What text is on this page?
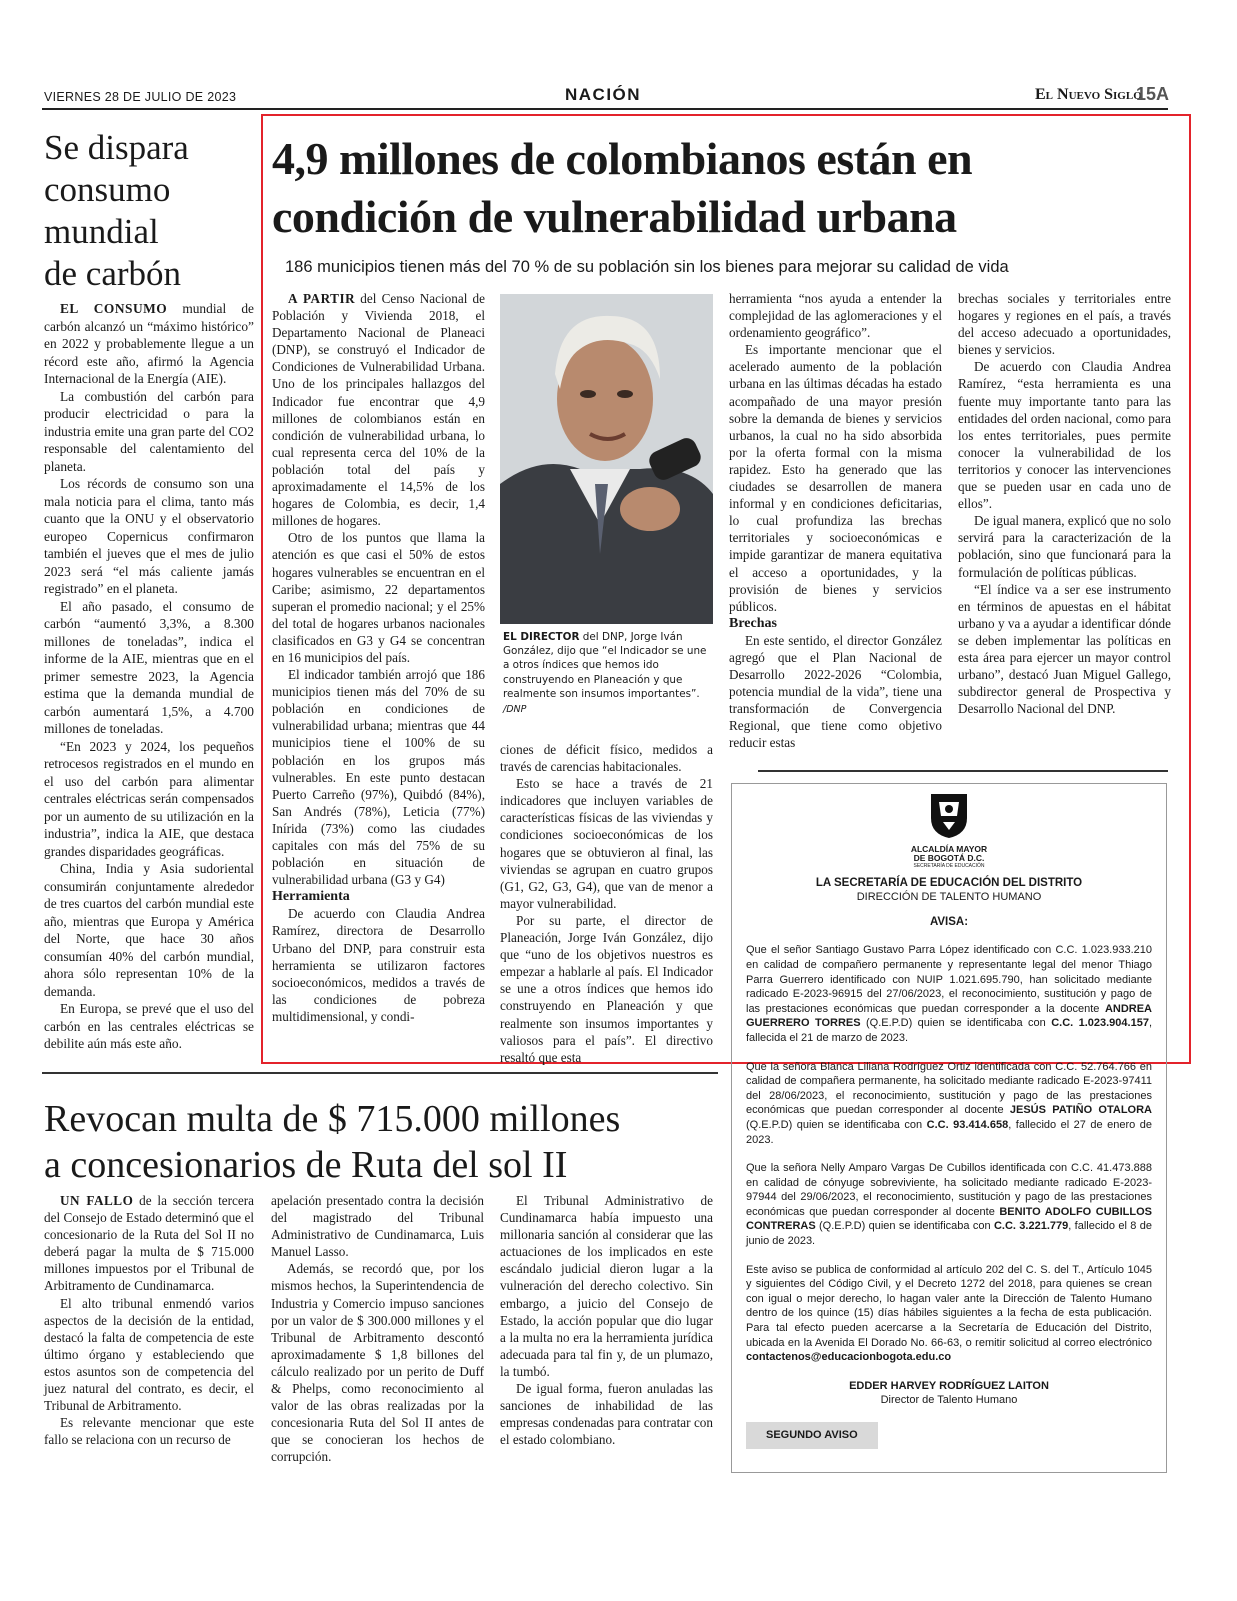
VIERNES 28 DE JULIO DE 2023	NACIÓN	El Nuevo Siglo
15A
Se dispara
consumo
mundial
de carbón

EL CONSUMO mundial de carbón alcanzó un “máximo histórico” en 2022 y probablemente llegue a un récord este año, afirmó la Agencia Internacional de la Energía (AIE).

La combustión del carbón para producir electricidad o para la industria emite una gran parte del CO2 responsable del calentamiento del planeta.

Los récords de consumo son una mala noticia para el clima, tanto más cuanto que la ONU y el observatorio europeo Copernicus confirmaron también el jueves que el mes de julio 2023 será “el más caliente jamás registrado” en el planeta.

El año pasado, el consumo de carbón “aumentó 3,3%, a 8.300 millones de toneladas”, indica el informe de la AIE, mientras que en el primer semestre 2023, la Agencia estima que la demanda mundial de carbón aumentará 1,5%, a 4.700 millones de toneladas.

“En 2023 y 2024, los pequeños retrocesos registrados en el mundo en el uso del carbón para alimentar centrales eléctricas serán compensados por un aumento de su utilización en la industria”, indica la AIE, que destaca grandes disparidades geográficas.

China, India y Asia sudoriental consumirán conjuntamente alrededor de tres cuartos del carbón mundial este año, mientras que Europa y América del Norte, que hace 30 años consumían 40% del carbón mundial, ahora sólo representan 10% de la demanda.

En Europa, se prevé que el uso del carbón en las centrales eléctricas se debilite aún más este año.

4,9 millones de colombianos están en
condición de vulnerabilidad urbana
186 municipios tienen más del 70 % de su población sin los bienes para mejorar su calidad de vida

A PARTIR del Censo Nacional de Población y Vivienda 2018, el Departamento Nacional de Planeaci (DNP), se construyó el Indicador de Condiciones de Vulnerabilidad Urbana. Uno de los principales hallazgos del Indicador fue encontrar que 4,9 millones de colombianos están en condición de vulnerabilidad urbana, lo cual representa cerca del 10% de la población total del país y aproximadamente el 14,5% de los hogares de Colombia, es decir, 1,4 millones de hogares.

Otro de los puntos que llama la atención es que casi el 50% de estos hogares vulnerables se encuentran en el Caribe; asimismo, 22 departamentos superan el promedio nacional; y el 25% del total de hogares urbanos nacionales clasificados en G3 y G4 se concentran en 16 municipios del país.

El indicador también arrojó que 186 municipios tienen más del 70% de su población en condiciones de vulnerabilidad urbana; mientras que 44 municipios tiene el 100% de su población en los grupos más vulnerables. En este punto destacan Puerto Carreño (97%), Quibdó (84%), San Andrés (78%), Leticia (77%) Inírida (73%) como las ciudades capitales con más del 75% de su población en situación de vulnerabilidad urbana (G3 y G4)

Herramienta

De acuerdo con Claudia Andrea Ramírez, directora de Desarrollo Urbano del DNP, para construir esta herramienta se utilizaron factores socioeconómicos, medidos a través de las condiciones de pobreza multidimensional, y condi-

EL DIRECTOR del DNP, Jorge Iván González, dijo que “el Indicador se une a otros índices que hemos ido construyendo en Planeación y que realmente son insumos importantes”.
/DNP

ciones de déficit físico, medidos a través de carencias habitacionales.

Esto se hace a través de 21 indicadores que incluyen variables de características físicas de las viviendas y condiciones socioeconómicas de los hogares que se obtuvieron al final, las viviendas se agrupan en cuatro grupos (G1, G2, G3, G4), que van de menor a mayor vulnerabilidad.

Por su parte, el director de Planeación, Jorge Iván González, dijo que “uno de los objetivos nuestros es empezar a hablarle al país. El Indicador se une a otros índices que hemos ido construyendo en Planeación y que realmente son insumos importantes y valiosos para el país”. El directivo resaltó que esta

herramienta “nos ayuda a entender la complejidad de las aglomeraciones y el ordenamiento geográfico”.

Es importante mencionar que el acelerado aumento de la población urbana en las últimas décadas ha estado acompañado de una mayor presión sobre la demanda de bienes y servicios urbanos, la cual no ha sido absorbida por la oferta formal con la misma rapidez. Esto ha generado que las ciudades se desarrollen de manera informal y en condiciones deficitarias, lo cual profundiza las brechas territoriales y socioeconómicas e impide garantizar de manera equitativa el acceso a oportunidades, y la provisión de bienes y servicios públicos.

Brechas

En este sentido, el director González agregó que el Plan Nacional de Desarrollo 2022-2026 “Colombia, potencia mundial de la vida”, tiene una transformación de Convergencia Regional, que tiene como objetivo reducir estas

brechas sociales y territoriales entre hogares y regiones en el país, a través del acceso adecuado a oportunidades, bienes y servicios.

De acuerdo con Claudia Andrea Ramírez, “esta herramienta es una fuente muy importante tanto para las entidades del orden nacional, como para los entes territoriales, pues permite conocer la vulnerabilidad de los territorios y conocer las intervenciones que se pueden usar en cada uno de ellos”.

De igual manera, explicó que no solo servirá para la caracterización de la población, sino que funcionará para la formulación de políticas públicas.

“El índice va a ser ese instrumento en términos de apuestas en el hábitat urbano y va a ayudar a identificar dónde se deben implementar las políticas en esta área para ejercer un mayor control urbano”, destacó Juan Miguel Gallego, subdirector general de Prospectiva y Desarrollo Nacional del DNP.

ALCALDÍA MAYOR
DE BOGOTÁ D.C.
SECRETARÍA DE EDUCACIÓN
LA SECRETARÍA DE EDUCACIÓN DEL DISTRITO
DIRECCIÓN DE TALENTO HUMANO
AVISA:

Que el señor Santiago Gustavo Parra López identificado con C.C. 1.023.933.210 en calidad de compañero permanente y representante legal del menor Thiago Parra Guerrero identificado con NUIP 1.021.695.790, han solicitado mediante radicado E-2023-96915 del 27/06/2023, el reconocimiento, sustitución y pago de las prestaciones económicas que puedan corresponder a la docente ANDREA GUERRERO TORRES (Q.E.P.D) quien se identificaba con C.C. 1.023.904.157, fallecida el 21 de marzo de 2023.

Que la señora Blanca Liliana Rodríguez Ortiz identificada con C.C. 52.764.766 en calidad de compañera permanente, ha solicitado mediante radicado E-2023-97411 del 28/06/2023, el reconocimiento, sustitución y pago de las prestaciones económicas que puedan corresponder al docente JESÚS PATIÑO OTALORA (Q.E.P.D) quien se identificaba con C.C. 93.414.658, fallecido el 27 de enero de 2023.

Que la señora Nelly Amparo Vargas De Cubillos identificada con C.C. 41.473.888 en calidad de cónyuge sobreviviente, ha solicitado mediante radicado E-2023-97944 del 29/06/2023, el reconocimiento, sustitución y pago de las prestaciones económicas que puedan corresponder al docente BENITO ADOLFO CUBILLOS CONTRERAS (Q.E.P.D) quien se identificaba con C.C. 3.221.779, fallecido el 8 de junio de 2023.

Este aviso se publica de conformidad al artículo 202 del C. S. del T., Artículo 1045 y siguientes del Código Civil, y el Decreto 1272 del 2018, para quienes se crean con igual o mejor derecho, lo hagan valer ante la Dirección de Talento Humano dentro de los quince (15) días hábiles siguientes a la fecha de esta publicación. Para tal efecto pueden acercarse a la Secretaría de Educación del Distrito, ubicada en la Avenida El Dorado No. 66-63, o remitir solicitud al correo electrónico contactenos@educacionbogota.edu.co

EDDER HARVEY RODRÍGUEZ LAITON
Director de Talento Humano
SEGUNDO AVISO
Revocan multa de $ 715.000 millones
a concesionarios de Ruta del sol II

UN FALLO de la sección tercera del Consejo de Estado determinó que el concesionario de la Ruta del Sol II no deberá pagar la multa de $ 715.000 millones impuestos por el Tribunal de Arbitramento de Cundinamarca.

El alto tribunal enmendó varios aspectos de la decisión de la entidad, destacó la falta de competencia de este último órgano y estableciendo que estos asuntos son de competencia del juez natural del contrato, es decir, el Tribunal de Arbitramento.

Es relevante mencionar que este fallo se relaciona con un recurso de

apelación presentado contra la decisión del magistrado del Tribunal Administrativo de Cundinamarca, Luis Manuel Lasso.

Además, se recordó que, por los mismos hechos, la Superintendencia de Industria y Comercio impuso sanciones por un valor de $ 300.000 millones y el Tribunal de Arbitramento descontó aproximadamente $ 1,8 billones del cálculo realizado por un perito de Duff & Phelps, como reconocimiento al valor de las obras realizadas por la concesionaria Ruta del Sol II antes de que se conocieran los hechos de corrupción.

El Tribunal Administrativo de Cundinamarca había impuesto una millonaria sanción al considerar que las actuaciones de los implicados en este escándalo judicial dieron lugar a la vulneración del derecho colectivo. Sin embargo, a juicio del Consejo de Estado, la acción popular que dio lugar a la multa no era la herramienta jurídica adecuada para tal fin y, de un plumazo, la tumbó.

De igual forma, fueron anuladas las sanciones de inhabilidad de las empresas condenadas para contratar con el estado colombiano.
